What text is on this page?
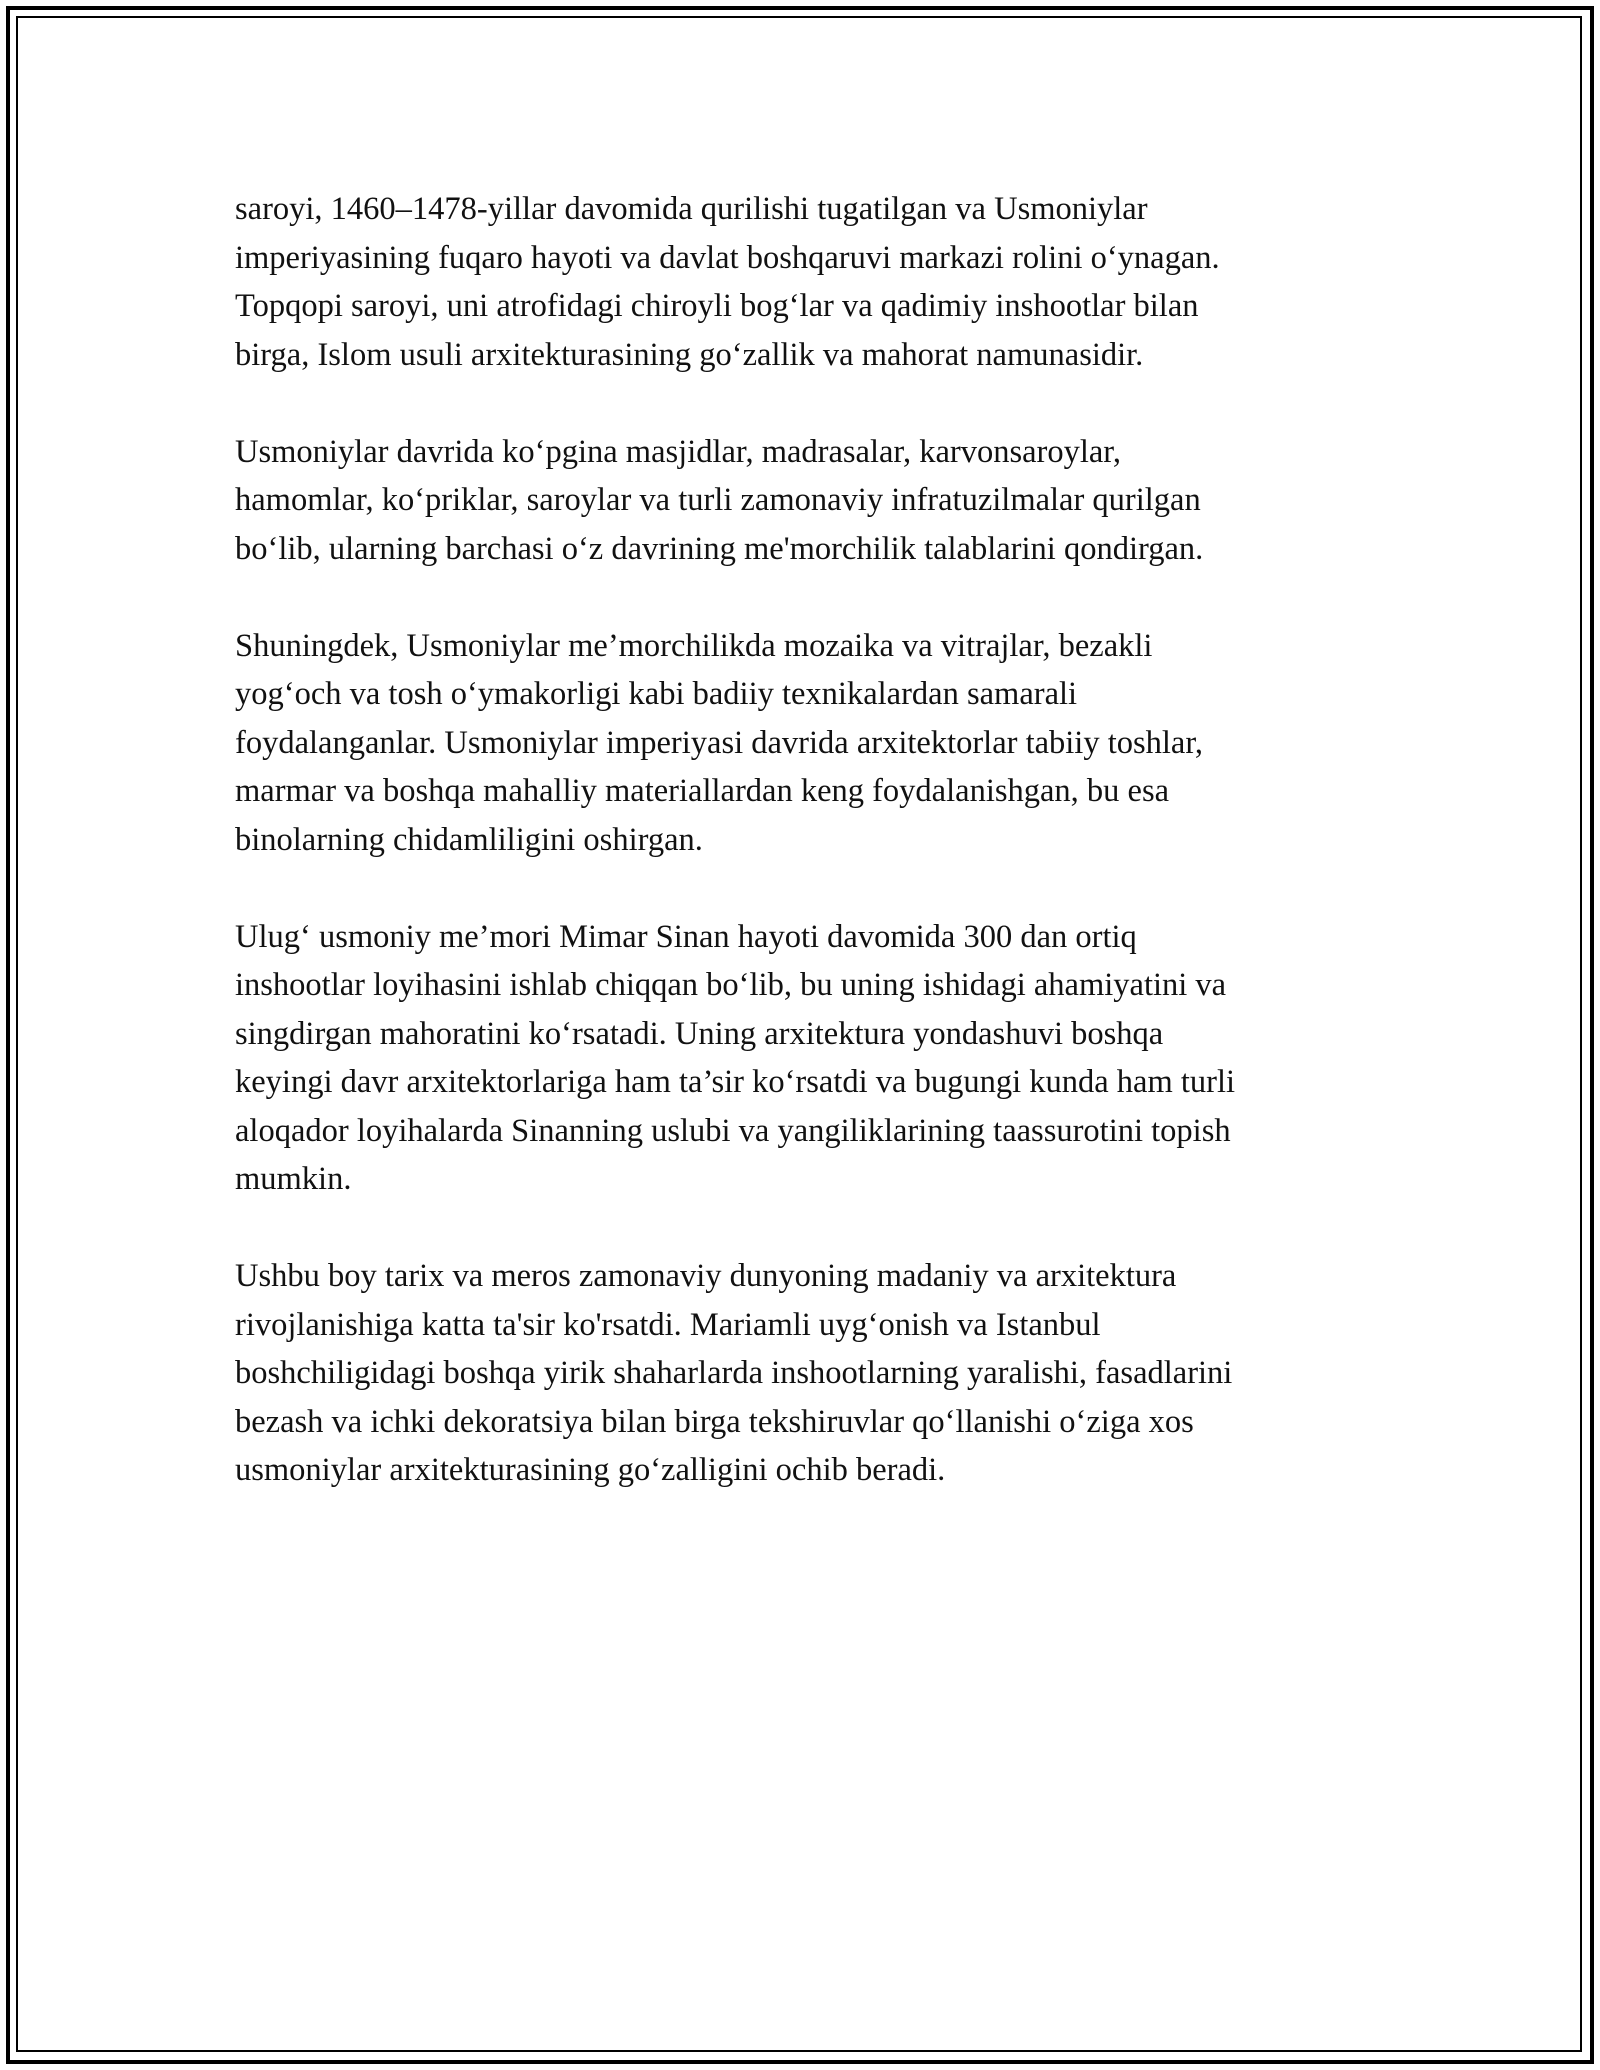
saroyi, 1460–1478-yillar davomida qurilishi tugatilgan va Usmoniylar
imperiyasining fuqaro hayoti va davlat boshqaruvi markazi rolini o‘ynagan.
Topqopi saroyi, uni atrofidagi chiroyli bog‘lar va qadimiy inshootlar bilan
birga, Islom usuli arxitekturasining go‘zallik va mahorat namunasidir.

Usmoniylar davrida ko‘pgina masjidlar, madrasalar, karvonsaroylar,
hamomlar, ko‘priklar, saroylar va turli zamonaviy infratuzilmalar qurilgan
bo‘lib, ularning barchasi o‘z davrining me'morchilik talablarini qondirgan.

Shuningdek, Usmoniylar me’morchilikda mozaika va vitrajlar, bezakli
yog‘och va tosh o‘ymakorligi kabi badiiy texnikalardan samarali
foydalanganlar. Usmoniylar imperiyasi davrida arxitektorlar tabiiy toshlar,
marmar va boshqa mahalliy materiallardan keng foydalanishgan, bu esa
binolarning chidamliligini oshirgan.

Ulug‘ usmoniy me’mori Mimar Sinan hayoti davomida 300 dan ortiq
inshootlar loyihasini ishlab chiqqan bo‘lib, bu uning ishidagi ahamiyatini va
singdirgan mahoratini ko‘rsatadi. Uning arxitektura yondashuvi boshqa
keyingi davr arxitektorlariga ham ta’sir ko‘rsatdi va bugungi kunda ham turli
aloqador loyihalarda Sinanning uslubi va yangiliklarining taassurotini topish
mumkin.

Ushbu boy tarix va meros zamonaviy dunyoning madaniy va arxitektura
rivojlanishiga katta ta'sir ko'rsatdi. Mariamli uyg‘onish va Istanbul
boshchiligidagi boshqa yirik shaharlarda inshootlarning yaralishi, fasadlarini
bezash va ichki dekoratsiya bilan birga tekshiruvlar qo‘llanishi o‘ziga xos
usmoniylar arxitekturasining go‘zalligini ochib beradi.
